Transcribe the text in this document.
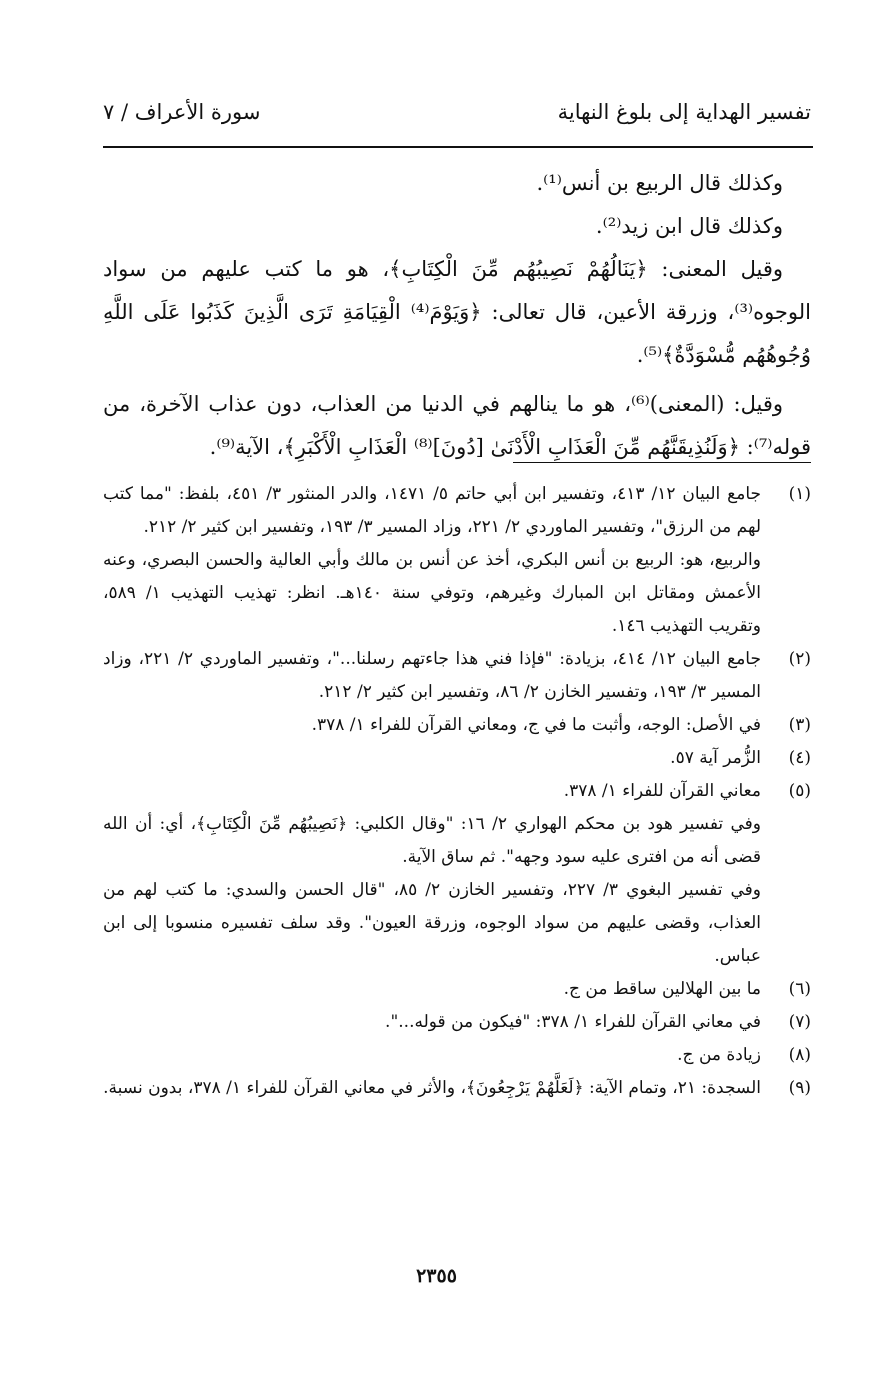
تفسير الهداية إلى بلوغ النهاية
سورة الأعراف / ٧

وكذلك قال الربيع بن أنس⁽¹⁾.

وكذلك قال ابن زيد⁽²⁾.

وقيل المعنى: ﴿يَنَالُهُمْ نَصِيبُهُم مِّنَ الْكِتَابِ﴾، هو ما كتب عليهم من سواد الوجوه⁽³⁾، وزرقة الأعين، قال تعالى: ﴿وَيَوْمَ⁽⁴⁾ الْقِيَامَةِ تَرَى الَّذِينَ كَذَبُوا عَلَى اللَّهِ وُجُوهُهُم مُّسْوَدَّةٌ﴾⁽⁵⁾.

وقيل: (المعنى)⁽⁶⁾، هو ما ينالهم في الدنيا من العذاب، دون عذاب الآخرة، من قوله⁽⁷⁾: ﴿وَلَنُذِيقَنَّهُم مِّنَ الْعَذَابِ الْأَدْنَىٰ [دُونَ]⁽⁸⁾ الْعَذَابِ الْأَكْبَرِ﴾، الآية⁽⁹⁾.

(١)

جامع البيان ١٢/ ٤١٣، وتفسير ابن أبي حاتم ٥/ ١٤٧١، والدر المنثور ٣/ ٤٥١، بلفظ: "مما كتب لهم من الرزق"، وتفسير الماوردي ٢/ ٢٢١، وزاد المسير ٣/ ١٩٣، وتفسير ابن كثير ٢/ ٢١٢.

والربيع، هو: الربيع بن أنس البكري، أخذ عن أنس بن مالك وأبي العالية والحسن البصري، وعنه الأعمش ومقاتل ابن المبارك وغيرهم، وتوفي سنة ١٤٠هـ. انظر: تهذيب التهذيب ١/ ٥٨٩، وتقريب التهذيب ١٤٦.

(٢)

جامع البيان ١٢/ ٤١٤، بزيادة: "فإذا فني هذا جاءتهم رسلنا..."، وتفسير الماوردي ٢/ ٢٢١، وزاد المسير ٣/ ١٩٣، وتفسير الخازن ٢/ ٨٦، وتفسير ابن كثير ٢/ ٢١٢.

(٣)

في الأصل: الوجه، وأثبت ما في ج، ومعاني القرآن للفراء ١/ ٣٧٨.

(٤)

الزُّمر آية ٥٧.

(٥)

معاني القرآن للفراء ١/ ٣٧٨.

وفي تفسير هود بن محكم الهواري ٢/ ١٦: "وقال الكلبي: ﴿نَصِيبُهُم مِّنَ الْكِتَابِ﴾، أي: أن الله قضى أنه من افترى عليه سود وجهه". ثم ساق الآية.

وفي تفسير البغوي ٣/ ٢٢٧، وتفسير الخازن ٢/ ٨٥، "قال الحسن والسدي: ما كتب لهم من العذاب، وقضى عليهم من سواد الوجوه، وزرقة العيون". وقد سلف تفسيره منسوبا إلى ابن عباس.

(٦)

ما بين الهلالين ساقط من ج.

(٧)

في معاني القرآن للفراء ١/ ٣٧٨: "فيكون من قوله...".

(٨)

زيادة من ج.

(٩)

السجدة: ٢١، وتمام الآية: ﴿لَعَلَّهُمْ يَرْجِعُونَ﴾، والأثر في معاني القرآن للفراء ١/ ٣٧٨، بدون نسبة.

٢٣٥٥
